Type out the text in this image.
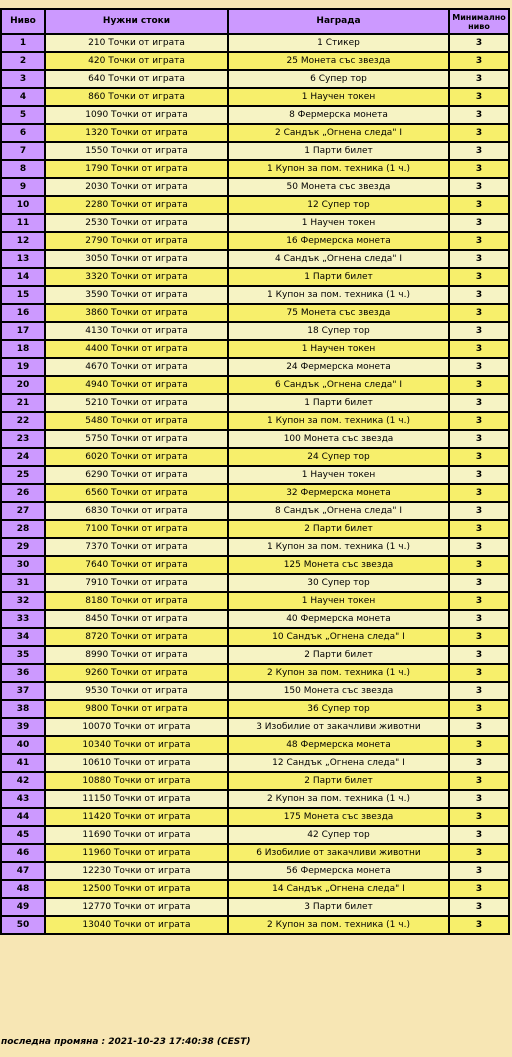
Ниво	Нужни стоки	Награда	Минимално ниво
1	210 Точки от играта	1 Стикер	3
2	420 Точки от играта	25 Монета със звезда	3
3	640 Точки от играта	6 Супер тор	3
4	860 Точки от играта	1 Научен токен	3
5	1090 Точки от играта	8 Фермерска монета	3
6	1320 Точки от играта	2 Сандък „Огнена следа" I	3
7	1550 Точки от играта	1 Парти билет	3
8	1790 Точки от играта	1 Купон за пом. техника (1 ч.)	3
9	2030 Точки от играта	50 Монета със звезда	3
10	2280 Точки от играта	12 Супер тор	3
11	2530 Точки от играта	1 Научен токен	3
12	2790 Точки от играта	16 Фермерска монета	3
13	3050 Точки от играта	4 Сандък „Огнена следа" I	3
14	3320 Точки от играта	1 Парти билет	3
15	3590 Точки от играта	1 Купон за пом. техника (1 ч.)	3
16	3860 Точки от играта	75 Монета със звезда	3
17	4130 Точки от играта	18 Супер тор	3
18	4400 Точки от играта	1 Научен токен	3
19	4670 Точки от играта	24 Фермерска монета	3
20	4940 Точки от играта	6 Сандък „Огнена следа" I	3
21	5210 Точки от играта	1 Парти билет	3
22	5480 Точки от играта	1 Купон за пом. техника (1 ч.)	3
23	5750 Точки от играта	100 Монета със звезда	3
24	6020 Точки от играта	24 Супер тор	3
25	6290 Точки от играта	1 Научен токен	3
26	6560 Точки от играта	32 Фермерска монета	3
27	6830 Точки от играта	8 Сандък „Огнена следа" I	3
28	7100 Точки от играта	2 Парти билет	3
29	7370 Точки от играта	1 Купон за пом. техника (1 ч.)	3
30	7640 Точки от играта	125 Монета със звезда	3
31	7910 Точки от играта	30 Супер тор	3
32	8180 Точки от играта	1 Научен токен	3
33	8450 Точки от играта	40 Фермерска монета	3
34	8720 Точки от играта	10 Сандък „Огнена следа" I	3
35	8990 Точки от играта	2 Парти билет	3
36	9260 Точки от играта	2 Купон за пом. техника (1 ч.)	3
37	9530 Точки от играта	150 Монета със звезда	3
38	9800 Точки от играта	36 Супер тор	3
39	10070 Точки от играта	3 Изобилие от закачливи животни	3
40	10340 Точки от играта	48 Фермерска монета	3
41	10610 Точки от играта	12 Сандък „Огнена следа" I	3
42	10880 Точки от играта	2 Парти билет	3
43	11150 Точки от играта	2 Купон за пом. техника (1 ч.)	3
44	11420 Точки от играта	175 Монета със звезда	3
45	11690 Точки от играта	42 Супер тор	3
46	11960 Точки от играта	6 Изобилие от закачливи животни	3
47	12230 Точки от играта	56 Фермерска монета	3
48	12500 Точки от играта	14 Сандък „Огнена следа" I	3
49	12770 Точки от играта	3 Парти билет	3
50	13040 Точки от играта	2 Купон за пом. техника (1 ч.)	3
последна промяна : 2021-10-23 17:40:38 (CEST)
